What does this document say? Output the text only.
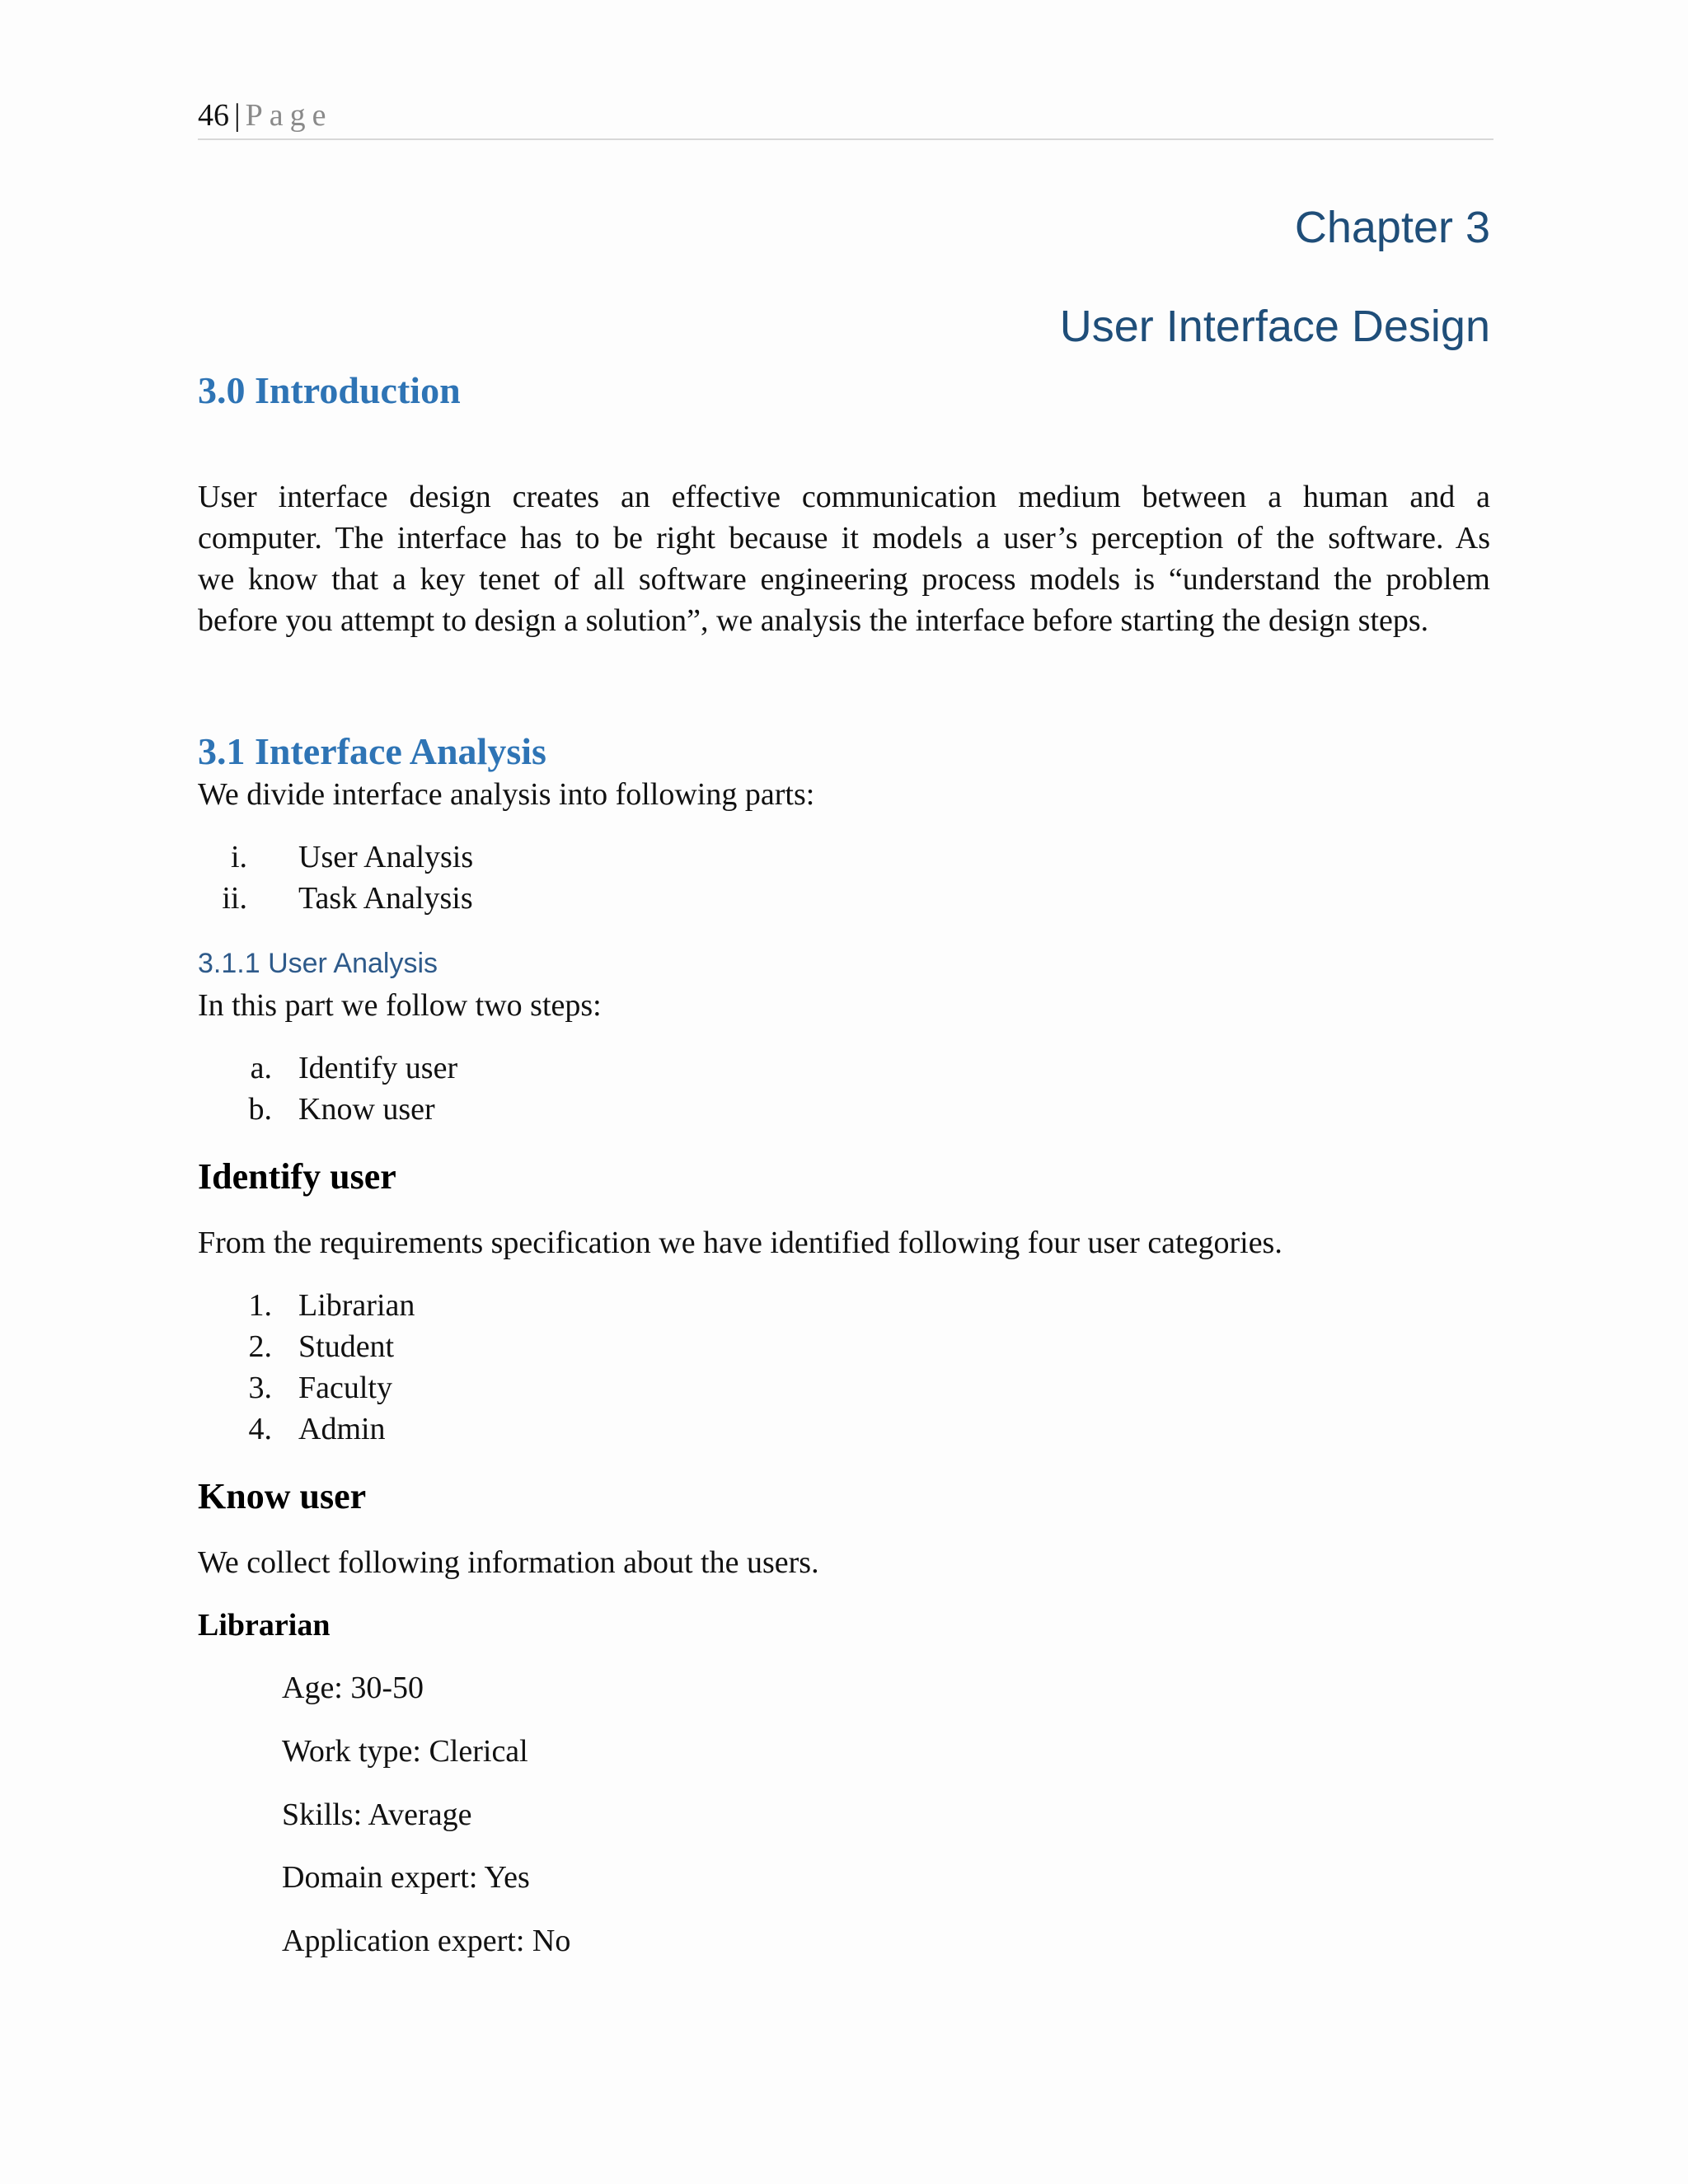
46 | Page
Chapter 3
User Interface Design
3.0 Introduction
User interface design creates an effective communication medium between a human and a
computer. The interface has to be right because it models a user’s perception of the software. As
we know that a key tenet of all software engineering process models is “understand the problem
before you attempt to design a solution”, we analysis the interface before starting the design steps.
3.1 Interface Analysis
We divide interface analysis into following parts:
i. User Analysis
ii. Task Analysis
3.1.1 User Analysis
In this part we follow two steps:
a. Identify user
b. Know user
Identify user
From the requirements specification we have identified following four user categories.
1. Librarian
2. Student
3. Faculty
4. Admin
Know user
We collect following information about the users.
Librarian
Age: 30-50
Work type: Clerical
Skills: Average
Domain expert: Yes
Application expert: No
